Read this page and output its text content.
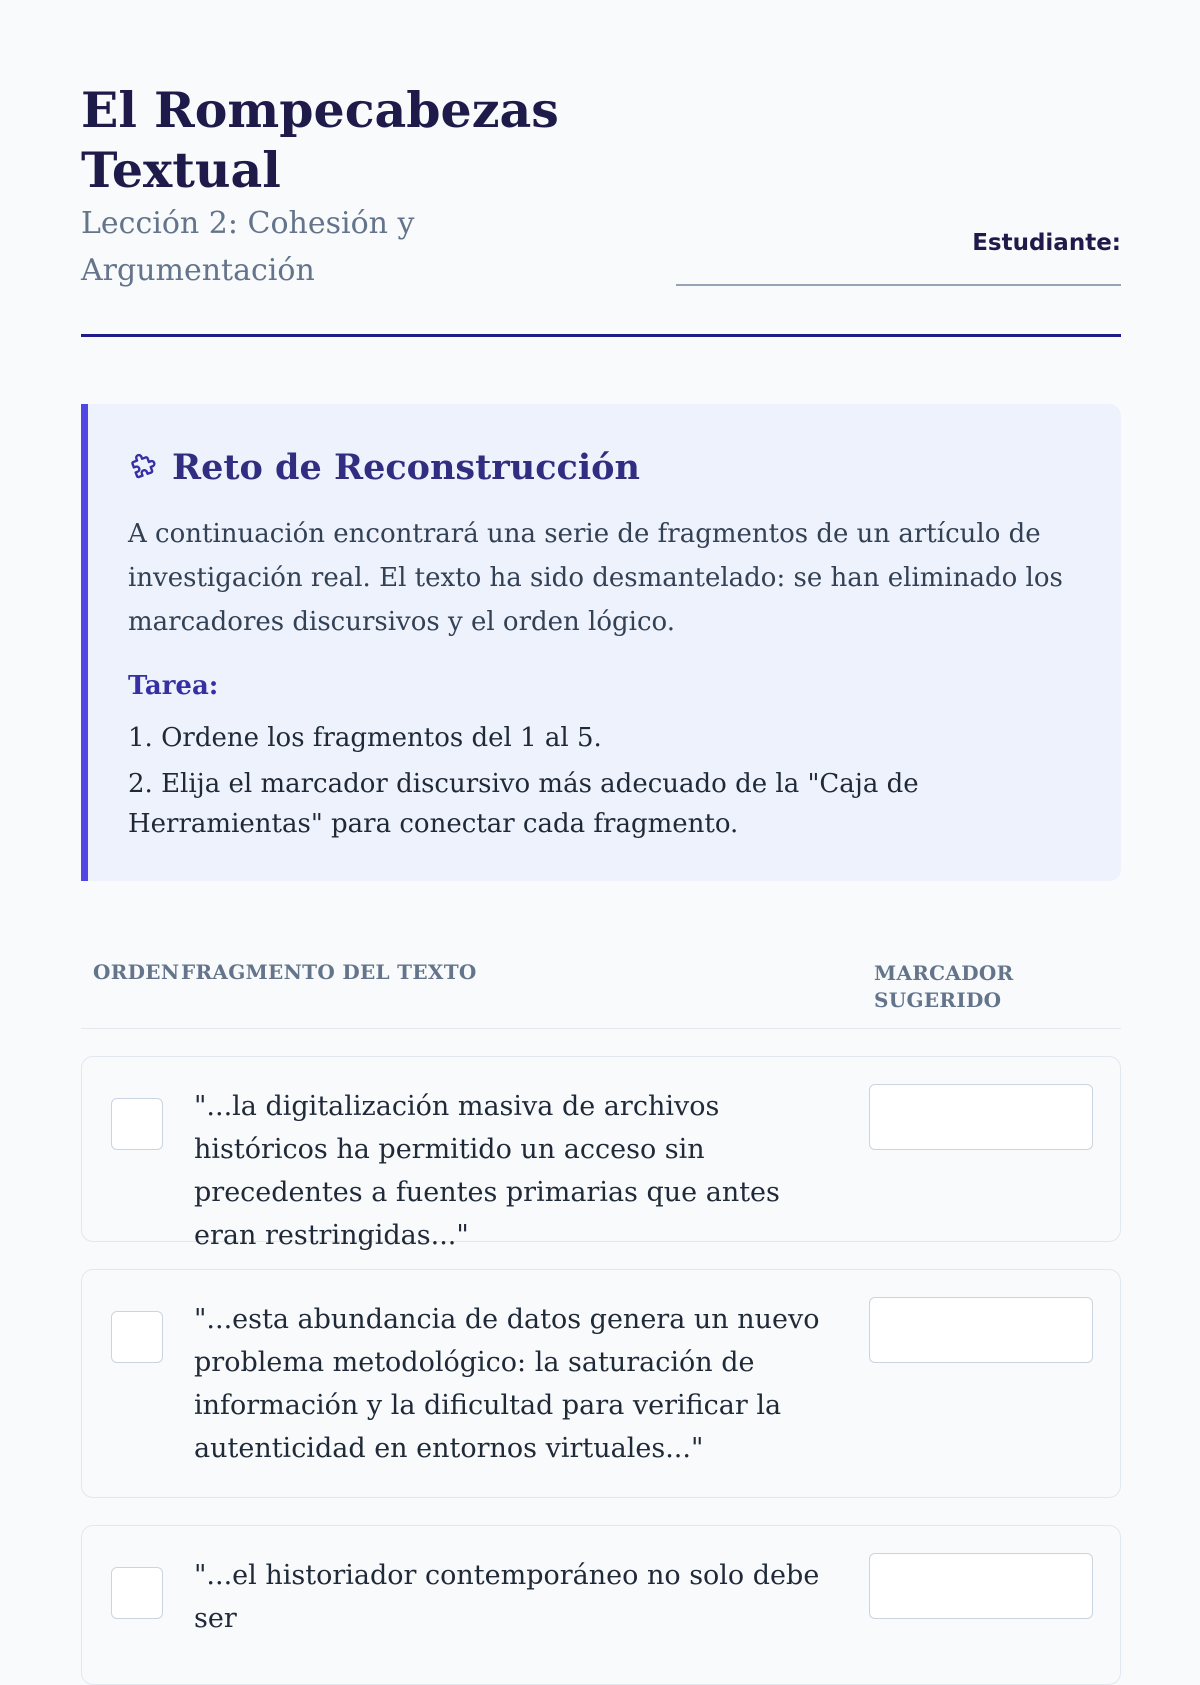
El Rompecabezas Textual

Lección 2: Cohesión y Argumentación

Estudiante:
Reto de Reconstrucción

A continuación encontrará una serie de fragmentos de un artículo de investigación real. El texto ha sido desmantelado: se han eliminado los marcadores discursivos y el orden lógico.

Tarea:

1. Ordene los fragmentos del 1 al 5.
2. Elija el marcador discursivo más adecuado de la "Caja de Herramientas" para conectar cada fragmento.
ORDEN FRAGMENTO DEL TEXTO	MARCADOR SUGERIDO

"...la digitalización masiva de archivos históricos ha permitido un acceso sin precedentes a fuentes primarias que antes eran restringidas..."

"...esta abundancia de datos genera un nuevo problema metodológico: la saturación de información y la dificultad para verificar la autenticidad en entornos virtuales..."

"...el historiador contemporáneo no solo debe ser
